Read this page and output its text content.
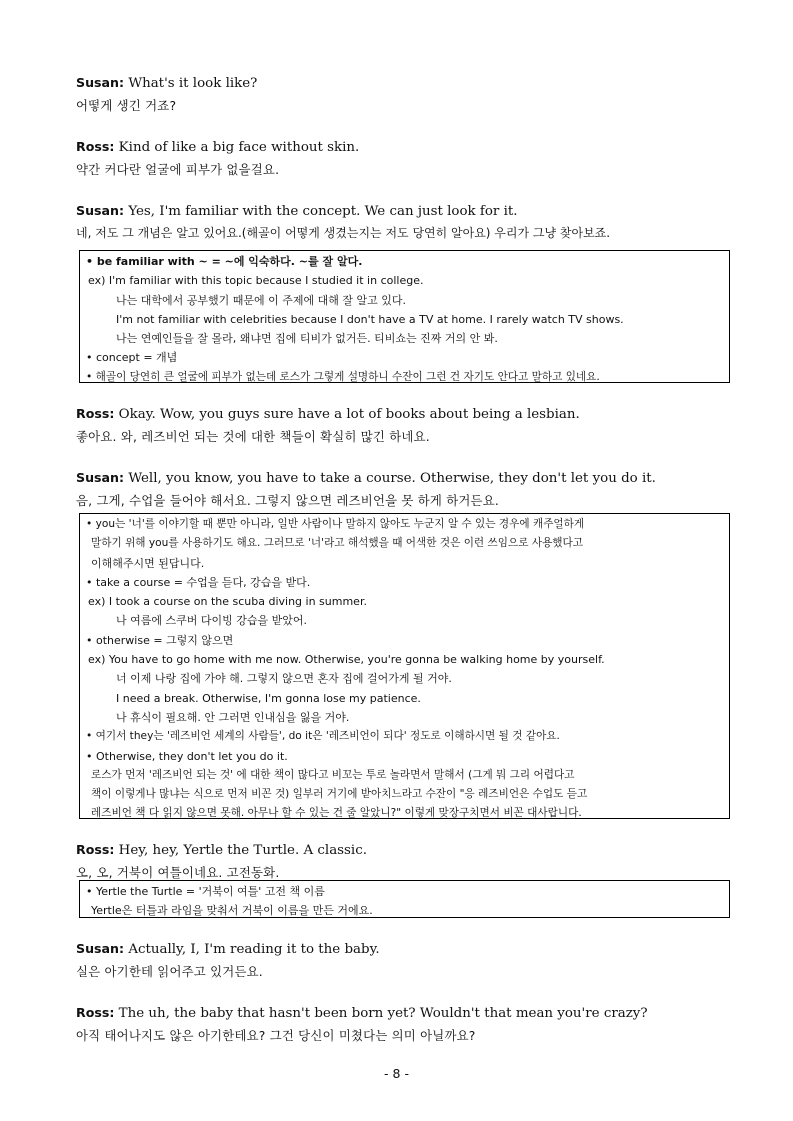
Susan: What's it look like?
어떻게 생긴 거죠?
Ross: Kind of like a big face without skin.
약간 커다란 얼굴에 피부가 없을걸요.
Susan: Yes, I'm familiar with the concept. We can just look for it.
네, 저도 그 개념은 알고 있어요.(해골이 어떻게 생겼는지는 저도 당연히 알아요) 우리가 그냥 찾아보죠.
• be familiar with ~ = ~에 익숙하다. ~를 잘 알다.
ex) I'm familiar with this topic because I studied it in college.
나는 대학에서 공부했기 때문에 이 주제에 대해 잘 알고 있다.
I'm not familiar with celebrities because I don't have a TV at home. I rarely watch TV shows.
나는 연예인들을 잘 몰라, 왜냐면 집에 티비가 없거든. 티비쇼는 진짜 거의 안 봐.
• concept = 개념
• 해골이 당연히 큰 얼굴에 피부가 없는데 로스가 그렇게 설명하니 수잔이 그런 건 자기도 안다고 말하고 있네요.
Ross: Okay. Wow, you guys sure have a lot of books about being a lesbian.
좋아요. 와, 레즈비언 되는 것에 대한 책들이 확실히 많긴 하네요.
Susan: Well, you know, you have to take a course. Otherwise, they don't let you do it.
음, 그게, 수업을 들어야 해서요. 그렇지 않으면 레즈비언을 못 하게 하거든요.
• you는 '너'를 이야기할 때 뿐만 아니라, 일반 사람이나 말하지 않아도 누군지 알 수 있는 경우에 캐주얼하게
말하기 위해 you를 사용하기도 해요. 그러므로 '너'라고 해석했을 때 어색한 것은 이런 쓰임으로 사용했다고
이해해주시면 된답니다.
• take a course = 수업을 듣다, 강습을 받다.
ex) I took a course on the scuba diving in summer.
나 여름에 스쿠버 다이빙 강습을 받았어.
• otherwise = 그렇지 않으면
ex) You have to go home with me now. Otherwise, you're gonna be walking home by yourself.
너 이제 나랑 집에 가야 해. 그렇지 않으면 혼자 집에 걸어가게 될 거야.
I need a break. Otherwise, I'm gonna lose my patience.
나 휴식이 필요해. 안 그러면 인내심을 잃을 거야.
• 여기서 they는 '레즈비언 세계의 사람들', do it은 '레즈비언이 되다' 정도로 이해하시면 될 것 같아요.
• Otherwise, they don't let you do it.
로스가 먼저 '레즈비언 되는 것' 에 대한 책이 많다고 비꼬는 투로 놀라면서 말해서 (그게 뭐 그리 어렵다고
책이 이렇게나 많냐는 식으로 먼저 비꼰 것) 일부러 거기에 받아치느라고 수잔이 "응 레즈비언은 수업도 듣고
레즈비언 책 다 읽지 않으면 못해. 아무나 할 수 있는 건 줄 알았니?" 이렇게 맞장구치면서 비꼰 대사랍니다.
Ross: Hey, hey, Yertle the Turtle. A classic.
오, 오, 거북이 여틀이네요. 고전동화.
• Yertle the Turtle = '거북이 여틀' 고전 책 이름
Yertle은 터틀과 라임을 맞춰서 거북이 이름을 만든 거에요.
Susan: Actually, I, I'm reading it to the baby.
실은 아기한테 읽어주고 있거든요.
Ross: The uh, the baby that hasn't been born yet? Wouldn't that mean you're crazy?
아직 태어나지도 않은 아기한테요? 그건 당신이 미쳤다는 의미 아닐까요?
- 8 -
